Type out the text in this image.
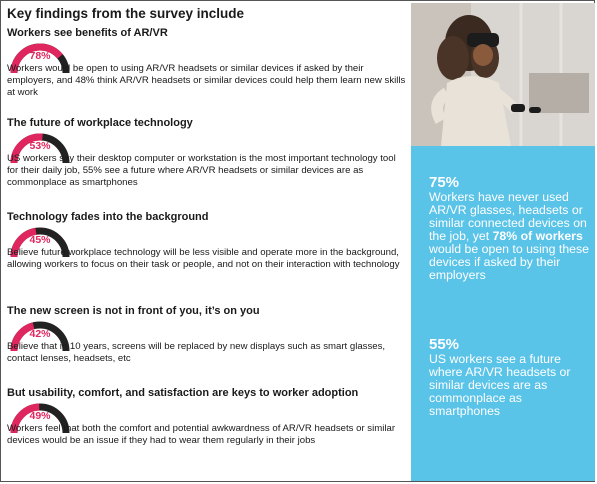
Key findings from the survey include
Workers see benefits of AR/VR
78%

Workers would be open to using AR/VR headsets or similar devices if asked by their employers, and 48% think AR/VR headsets or similar devices could help them learn new skills at work

The future of workplace technology
53%

US workers say their desktop computer or workstation is the most important technology tool for their daily job, 55% see a future where AR/VR headsets or similar devices are as commonplace as smartphones

Technology fades into the background
45%

Believe future workplace technology will be less visible and operate more in the background, allowing workers to focus on their task or people, and not on their interaction with technology

The new screen is not in front of you, it’s on you
42%

Believe that in 10 years, screens will be replaced by new displays such as smart glasses, contact lenses, headsets, etc

But usability, comfort, and satisfaction are keys to worker adoption
49%

Workers feel that both the comfort and potential awkwardness of AR/VR headsets or similar devices would be an issue if they had to wear them regularly in their jobs

75%

Workers have never used AR/VR glasses, headsets or similar connected devices on the job, yet 78% of workers would be open to using these devices if asked by their employers

55%

US workers see a future where AR/VR headsets or similar devices are as commonplace as smartphones
